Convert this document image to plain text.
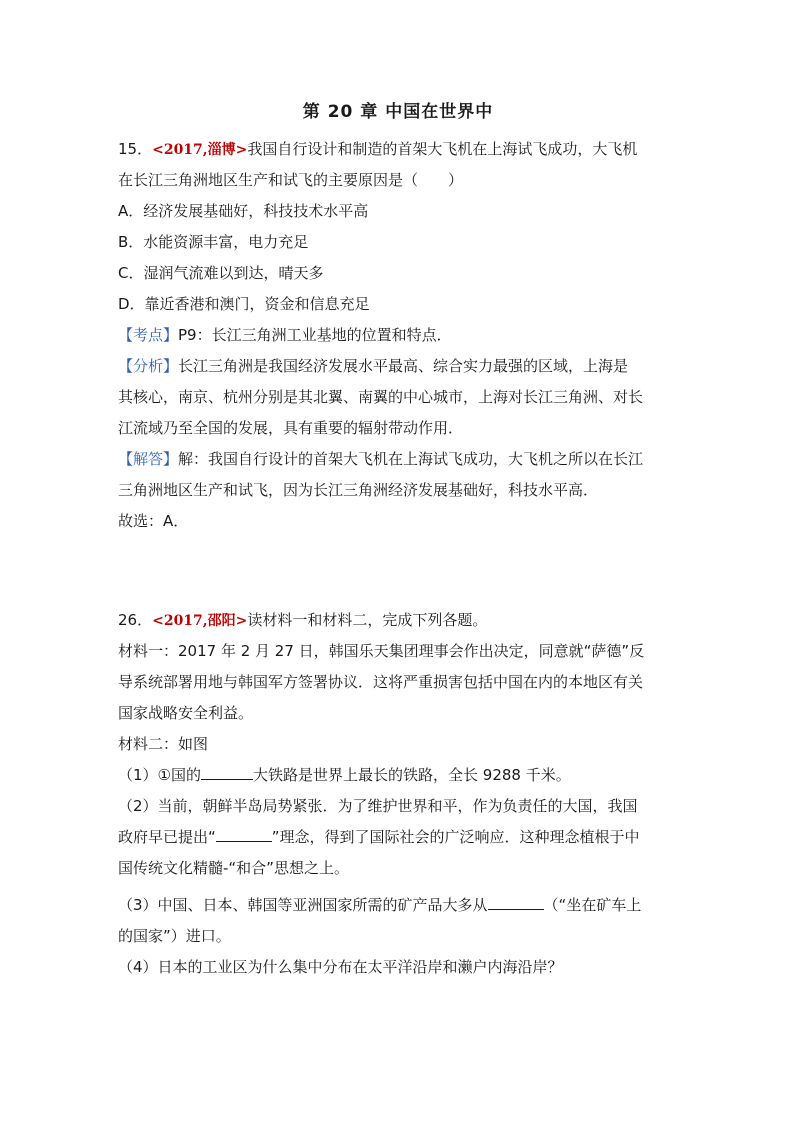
第 20 章 中国在世界中
15．<2017,淄博>我国自行设计和制造的首架大飞机在上海试飞成功，大飞机
在长江三角洲地区生产和试飞的主要原因是（　　）
A．经济发展基础好，科技技术水平高
B．水能资源丰富，电力充足
C．湿润气流难以到达，晴天多
D．靠近香港和澳门，资金和信息充足
【考点】P9：长江三角洲工业基地的位置和特点．
【分析】长江三角洲是我国经济发展水平最高、综合实力最强的区域，上海是
其核心，南京、杭州分别是其北翼、南翼的中心城市，上海对长江三角洲、对长
江流域乃至全国的发展，具有重要的辐射带动作用．
【解答】解：我国自行设计的首架大飞机在上海试飞成功，大飞机之所以在长江
三角洲地区生产和试飞，因为长江三角洲经济发展基础好，科技水平高．
故选：A．
26．<2017,邵阳>读材料一和材料二，完成下列各题。
材料一：2017 年 2 月 27 日，韩国乐天集团理事会作出决定，同意就“萨德”反
导系统部署用地与韩国军方签署协议．这将严重损害包括中国在内的本地区有关
国家战略安全利益。
材料二：如图
（1）①国的	大铁路是世界上最长的铁路，全长 9288 千米。
（2）当前，朝鲜半岛局势紧张．为了维护世界和平，作为负责任的大国，我国
政府早已提出“	”理念，得到了国际社会的广泛响应．这种理念植根于中
国传统文化精髓-“和合”思想之上。
（3）中国、日本、韩国等亚洲国家所需的矿产品大多从	（“坐在矿车上
的国家”）进口。
（4）日本的工业区为什么集中分布在太平洋沿岸和濑户内海沿岸？
